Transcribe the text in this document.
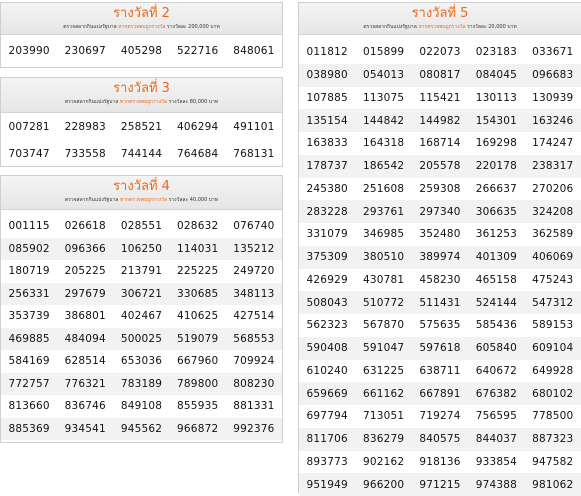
รางวัลที่ 2
ตรวจสลากกินแบ่งรัฐบาล หากตรวจพบถูกรางวัล รางวัลละ 200,000 บาท
203990	230697	405298	522716	848061
รางวัลที่ 3
ตรวจสลากกินแบ่งรัฐบาล หากตรวจพบถูกรางวัล รางวัลละ 80,000 บาท
007281	228983	258521	406294	491101
703747	733558	744144	764684	768131
รางวัลที่ 4
ตรวจสลากกินแบ่งรัฐบาล หากตรวจพบถูกรางวัล รางวัลละ 40,000 บาท
001115	026618	028551	028632	076740
085902	096366	106250	114031	135212
180719	205225	213791	225225	249720
256331	297679	306721	330685	348113
353739	386801	402467	410625	427514
469885	484094	500025	519079	568553
584169	628514	653036	667960	709924
772757	776321	783189	789800	808230
813660	836746	849108	855935	881331
885369	934541	945562	966872	992376
รางวัลที่ 5
ตรวจสลากกินแบ่งรัฐบาล หากตรวจพบถูกรางวัล รางวัลละ 20,000 บาท
011812	015899	022073	023183	033671
038980	054013	080817	084045	096683
107885	113075	115421	130113	130939
135154	144842	144982	154301	163246
163833	164318	168714	169298	174247
178737	186542	205578	220178	238317
245380	251608	259308	266637	270206
283228	293761	297340	306635	324208
331079	346985	352480	361253	362589
375309	380510	389974	401309	406069
426929	430781	458230	465158	475243
508043	510772	511431	524144	547312
562323	567870	575635	585436	589153
590408	591047	597618	605840	609104
610240	631225	638711	640672	649928
659669	661162	667891	676382	680102
697794	713051	719274	756595	778500
811706	836279	840575	844037	887323
893773	902162	918136	933854	947582
951949	966200	971215	974388	981062
